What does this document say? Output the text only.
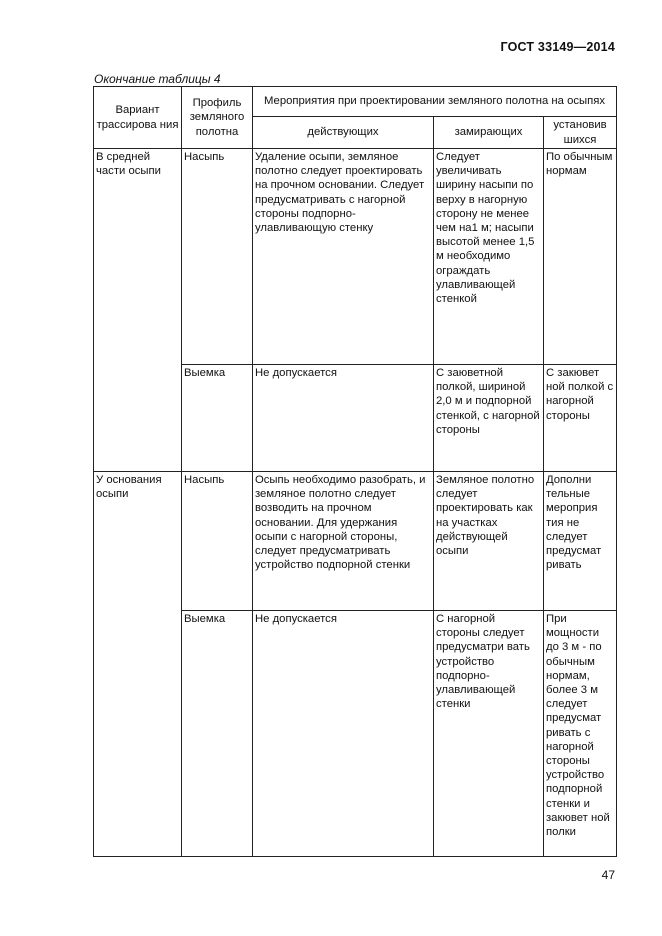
ГОСТ 33149—2014
Окончание таблицы 4
Вариант трассирова ния	Профиль земляного полотна	Мероприятия при проектировании земляного полотна на осыпях		
		действующих	замирающих	установив шихся
В средней части осыпи	Насыпь	Удаление осыпи, земляное полотно следует проектировать на прочном основании. Следует предусматривать с нагорной стороны подпорно-улавливающую стенку	Следует увеличивать ширину насыпи по верху в нагорную сторону не менее чем на1 м; насыпи высотой менее 1,5 м необходимо ограждать улавливающей стенкой	По обычным нормам
	Выемка	Не допускается	С заюветной полкой, шириной 2,0 м и подпорной стенкой, с нагорной стороны	С закювет ной полкой с нагорной стороны
У основания осыпи	Насыпь	Осыпь необходимо разобрать, и земляное полотно следует возводить на прочном основании. Для удержания осыпи с нагорной стороны, следует предусматривать устройство подпорной стенки	Земляное полотно следует проектировать как на участках действующей осыпи	Дополни тельные мероприя тия не следует предусмат ривать
	Выемка	Не допускается	С нагорной стороны следует предусматри вать устройство подпорно-улавливающей стенки	При мощности до 3 м - по обычным нормам, более 3 м следует предусмат ривать с нагорной стороны устройство подпорной стенки и закювет ной полки
47
